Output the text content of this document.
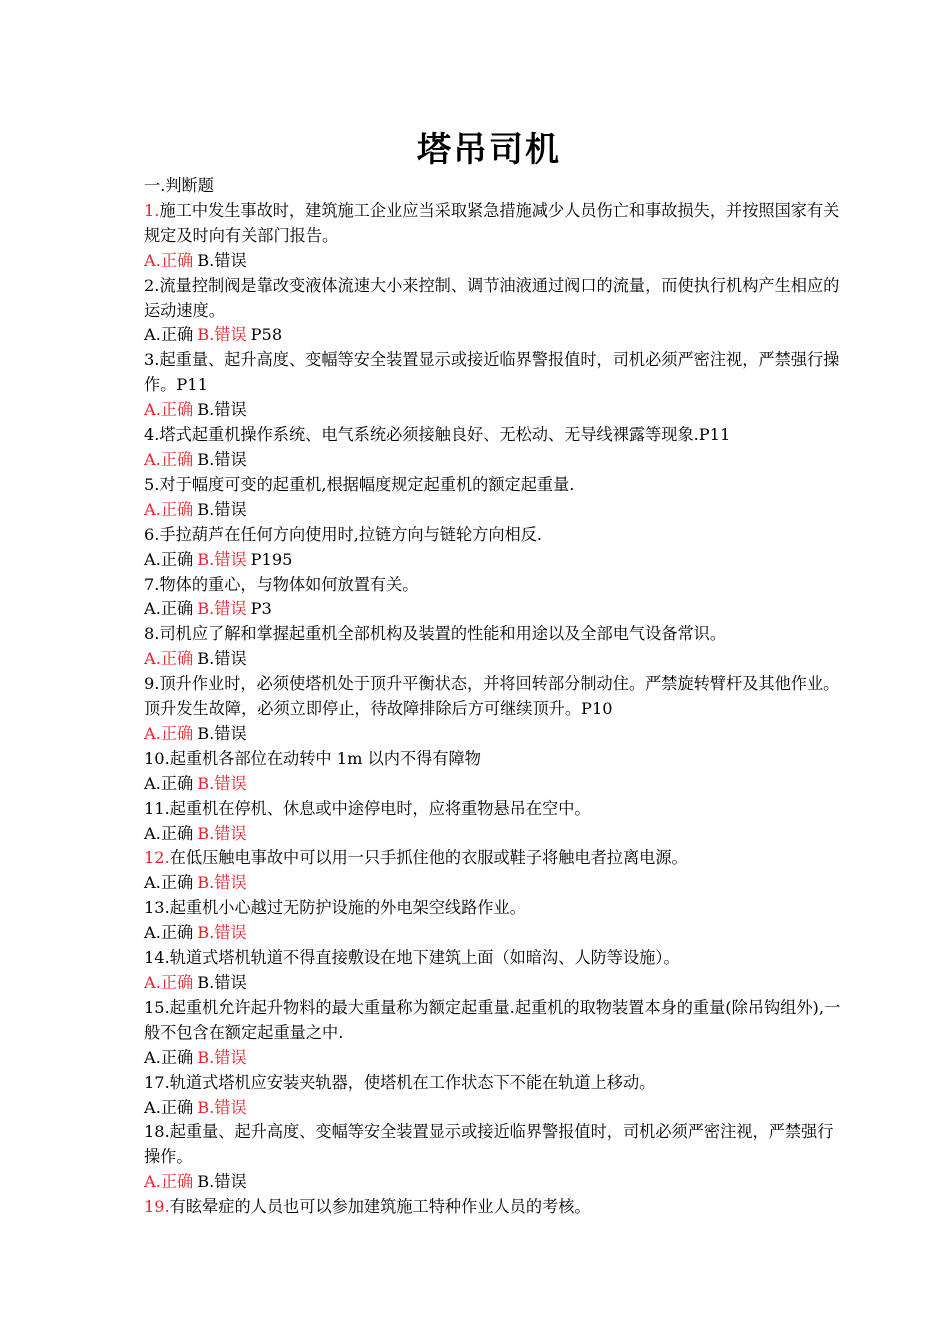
塔吊司机

一.判断题

1.施工中发生事故时，建筑施工企业应当采取紧急措施减少人员伤亡和事故损失，并按照国家有关规定及时向有关部门报告。

A.正确 B.错误

2.流量控制阀是靠改变液体流速大小来控制、调节油液通过阀口的流量，而使执行机构产生相应的运动速度。

A.正确 B.错误 P58

3.起重量、起升高度、变幅等安全装置显示或接近临界警报值时，司机必须严密注视，严禁强行操作。P11

A.正确 B.错误

4.塔式起重机操作系统、电气系统必须接触良好、无松动、无导线裸露等现象.P11

A.正确 B.错误

5.对于幅度可变的起重机,根据幅度规定起重机的额定起重量.

A.正确 B.错误

6.手拉葫芦在任何方向使用时,拉链方向与链轮方向相反.

A.正确 B.错误 P195

7.物体的重心，与物体如何放置有关。

A.正确 B.错误 P3

8.司机应了解和掌握起重机全部机构及装置的性能和用途以及全部电气设备常识。

A.正确 B.错误

9.顶升作业时，必须使塔机处于顶升平衡状态，并将回转部分制动住。严禁旋转臂杆及其他作业。顶升发生故障，必须立即停止，待故障排除后方可继续顶升。P10

A.正确 B.错误

10.起重机各部位在动转中 1m 以内不得有障物

A.正确 B.错误

11.起重机在停机、休息或中途停电时，应将重物悬吊在空中。

A.正确 B.错误

12.在低压触电事故中可以用一只手抓住他的衣服或鞋子将触电者拉离电源。

A.正确 B.错误

13.起重机小心越过无防护设施的外电架空线路作业。

A.正确 B.错误

14.轨道式塔机轨道不得直接敷设在地下建筑上面（如暗沟、人防等设施）。

A.正确 B.错误

15.起重机允许起升物料的最大重量称为额定起重量.起重机的取物装置本身的重量(除吊钩组外),一般不包含在额定起重量之中.

A.正确 B.错误

17.轨道式塔机应安装夹轨器，使塔机在工作状态下不能在轨道上移动。

A.正确 B.错误

18.起重量、起升高度、变幅等安全装置显示或接近临界警报值时，司机必须严密注视，严禁强行操作。

A.正确 B.错误

19.有眩晕症的人员也可以参加建筑施工特种作业人员的考核。
